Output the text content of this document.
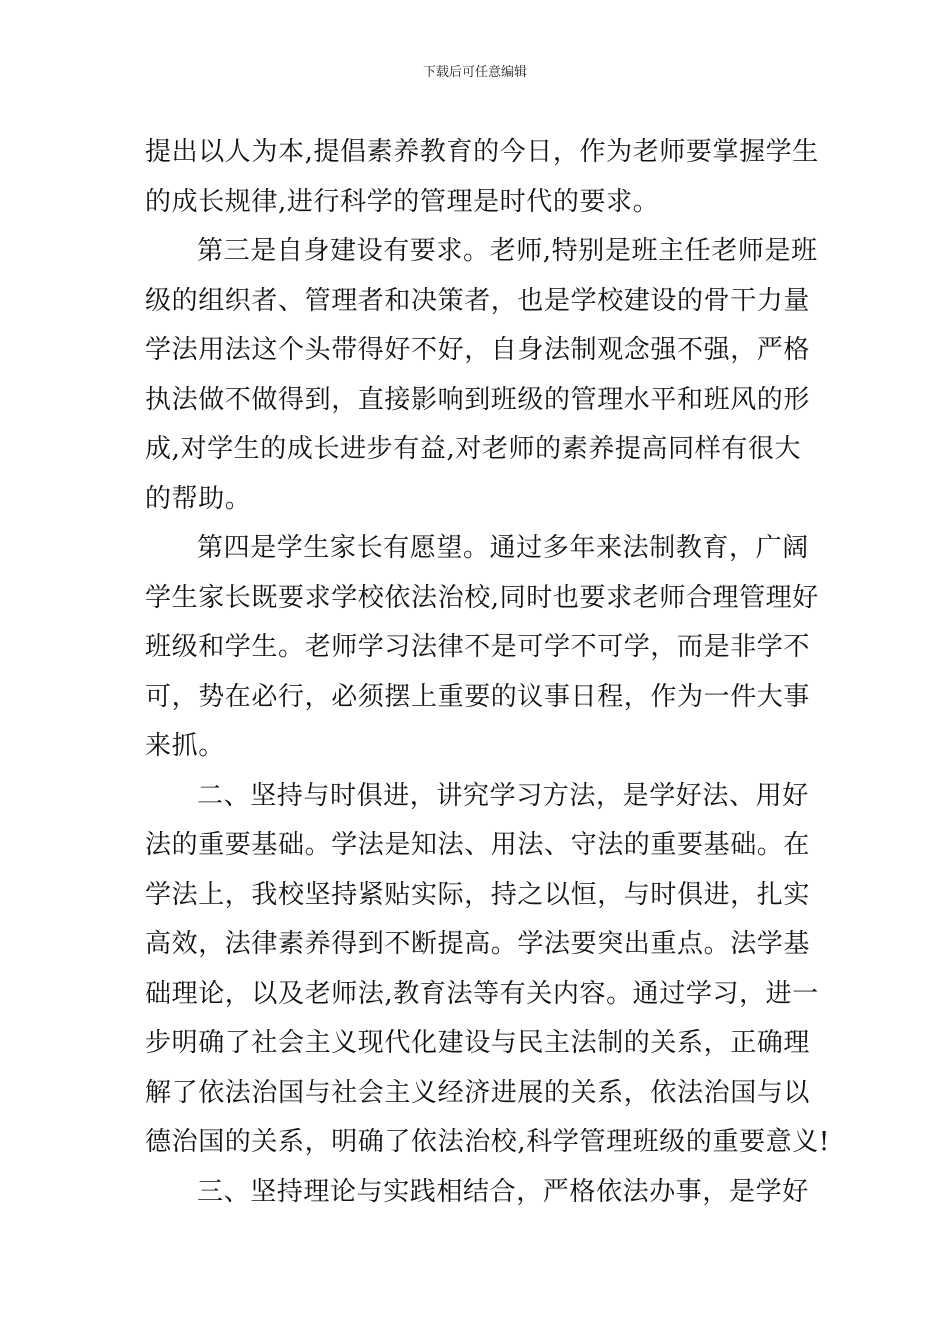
下载后可任意编辑
提出以人为本,提倡素养教育的今日，作为老师要掌握学生
的成长规律,进行科学的管理是时代的要求。
第三是自身建设有要求。老师,特别是班主任老师是班
级的组织者、管理者和决策者，也是学校建设的骨干力量
学法用法这个头带得好不好，自身法制观念强不强，严格
执法做不做得到，直接影响到班级的管理水平和班风的形
成,对学生的成长进步有益,对老师的素养提高同样有很大
的帮助。
第四是学生家长有愿望。通过多年来法制教育，广阔
学生家长既要求学校依法治校,同时也要求老师合理管理好
班级和学生。老师学习法律不是可学不可学，而是非学不
可，势在必行，必须摆上重要的议事日程，作为一件大事
来抓。
二、坚持与时俱进，讲究学习方法，是学好法、用好
法的重要基础。学法是知法、用法、守法的重要基础。在
学法上，我校坚持紧贴实际，持之以恒，与时俱进，扎实
高效，法律素养得到不断提高。学法要突出重点。法学基
础理论，以及老师法,教育法等有关内容。通过学习，进一
步明确了社会主义现代化建设与民主法制的关系，正确理
解了依法治国与社会主义经济进展的关系，依法治国与以
德治国的关系，明确了依法治校,科学管理班级的重要意义!
三、坚持理论与实践相结合，严格依法办事，是学好
